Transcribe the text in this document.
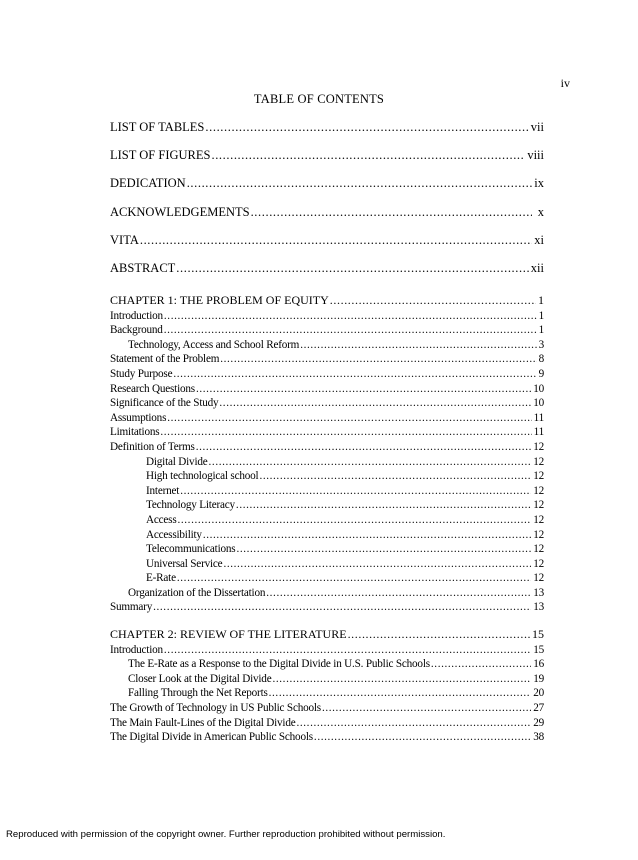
iv
TABLE OF CONTENTS
LIST OF TABLES .....	vii
LIST OF FIGURES .....	viii
DEDICATION .....	ix
ACKNOWLEDGEMENTS .....	x
VITA .....	xi
ABSTRACT .....	xii
CHAPTER 1: THE PROBLEM OF EQUITY .....	1
Introduction .....	1
Background .....	1
Technology, Access and School Reform .....	3
Statement of the Problem .....	8
Study Purpose .....	9
Research Questions .....	10
Significance of the Study .....	10
Assumptions .....	11
Limitations .....	11
Definition of Terms .....	12
Digital Divide .....	12
High technological school .....	12
Internet .....	12
Technology Literacy .....	12
Access .....	12
Accessibility .....	12
Telecommunications .....	12
Universal Service .....	12
E-Rate .....	12
Organization of the Dissertation .....	13
Summary .....	13
CHAPTER 2: REVIEW OF THE LITERATURE .....	15
Introduction .....	15
The E-Rate as a Response to the Digital Divide in U.S. Public Schools .....	16
Closer Look at the Digital Divide .....	19
Falling Through the Net Reports .....	20
The Growth of Technology in US Public Schools .....	27
The Main Fault-Lines of the Digital Divide .....	29
The Digital Divide in American Public Schools .....	38
Reproduced with permission of the copyright owner. Further reproduction prohibited without permission.
